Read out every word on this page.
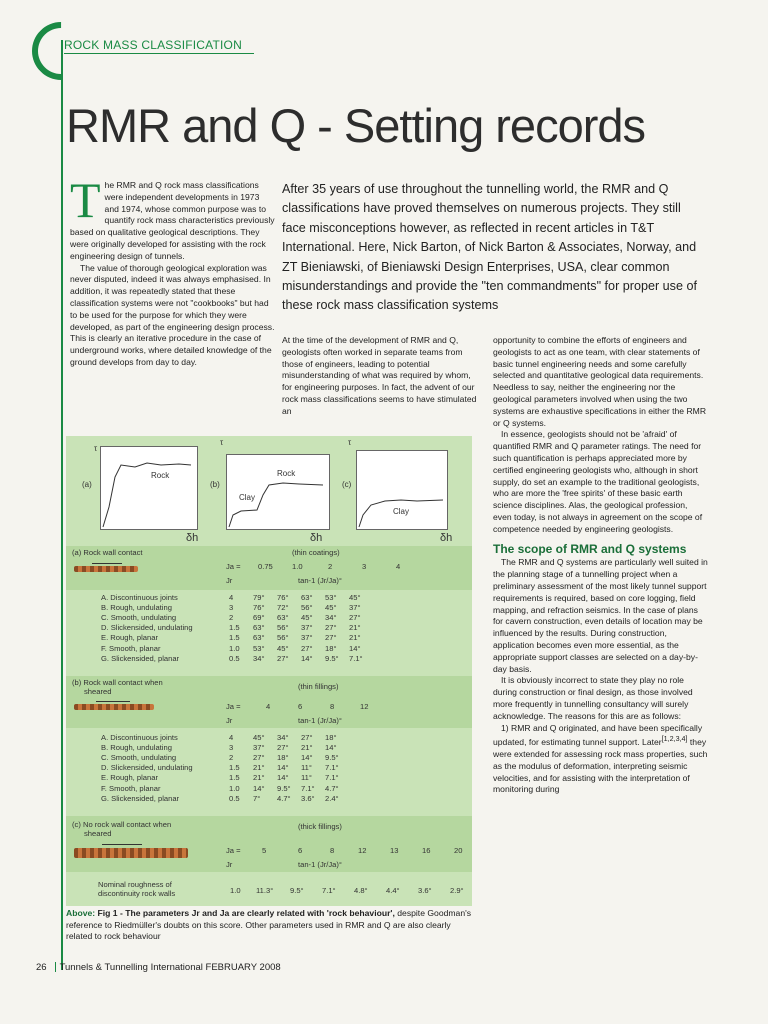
ROCK MASS CLASSIFICATION
RMR and Q - Setting records
T he RMR and Q rock mass classifications were independent developments in 1973 and 1974, whose common purpose was to quantify rock mass characteristics previously based on qualitative geological descriptions. They were originally developed for assisting with the rock engineering design of tunnels.

The value of thorough geological exploration was never disputed, indeed it was always emphasised. In addition, it was repeatedly stated that these classification systems were not "cookbooks" but had to be used for the purpose for which they were developed, as part of the engineering design process. This is clearly an iterative procedure in the case of underground works, where detailed knowledge of the ground develops from day to day.

After 35 years of use throughout the tunnelling world, the RMR and Q classifications have proved themselves on numerous projects. They still face misconceptions however, as reflected in recent articles in T&T International. Here, Nick Barton, of Nick Barton & Associates, Norway, and ZT Bieniawski, of Bieniawski Design Enterprises, USA, clear common misunderstandings and provide the "ten commandments" for proper use of these rock mass classification systems

At the time of the development of RMR and Q, geologists often worked in separate teams from those of engineers, leading to potential misunderstanding of what was required by whom, for engineering purposes. In fact, the advent of our rock mass classifications seems to have stimulated an

opportunity to combine the efforts of engineers and geologists to act as one team, with clear statements of basic tunnel engineering needs and some carefully selected and quantitative geological data requirements. Needless to say, neither the engineering nor the geological parameters involved when using the two systems are exhaustive specifications in either the RMR or Q systems.

In essence, geologists should not be 'afraid' of quantified RMR and Q parameter ratings. The need for such quantification is perhaps appreciated more by certified engineering geologists who, although in short supply, do set an example to the traditional geologists, who are more the 'free spirits' of these basic earth science disciplines. Alas, the geological profession, even today, is not always in agreement on the scope of competence needed by engineering geologists.

The scope of RMR and Q systems

The RMR and Q systems are particularly well suited in the planning stage of a tunnelling project when a preliminary assessment of the most likely tunnel support requirements is required, based on core logging, field mapping, and refraction seismics. In the case of plans for cavern construction, even details of location may be influenced by the results. During construction, application becomes even more essential, as the appropriate support classes are selected on a day-by-day basis.

It is obviously incorrect to state they play no role during construction or final design, as those involved more frequently in tunnelling consultancy will surely acknowledge. The reasons for this are as follows:

1) RMR and Q originated, and have been specifically updated, for estimating tunnel support. Later[1,2,3,4] they were extended for assessing rock mass properties, such as the modulus of deformation, interpreting seismic velocities, and for assisting with the interpretation of monitoring during

τ
(a)
Rock
δh
τ
(b)
Clay
Rock
δh
τ
(c)
Clay
δh
(a) Rock wall contact	(thin coatings)
Ja = 0.75	1.0	2	3	4
Jr	tan-1 (Jr/Ja)°
A. Discontinuous joints	4	79°	76°	63°	53°	45°
B. Rough, undulating	3	76°	72°	56°	45°	37°
C. Smooth, undulating	2	69°	63°	45°	34°	27°
D. Slickensided, undulating	1.5	63°	56°	37°	27°	21°
E. Rough, planar	1.5	63°	56°	37°	27°	21°
F. Smooth, planar	1.0	53°	45°	27°	18°	14°
G. Slickensided, planar	0.5	34°	27°	14°	9.5°	7.1°
(b) Rock wall contact when
sheared
(thin fillings)
Ja =	4	6	8	12
Jr	tan-1 (Jr/Ja)°
A. Discontinuous joints	4	45°	34°	27°	18°
B. Rough, undulating	3	37°	27°	21°	14°
C. Smooth, undulating	2	27°	18°	14°	9.5°
D. Slickensided, undulating	1.5	21°	14°	11°	7.1°
E. Rough, planar	1.5	21°	14°	11°	7.1°
F. Smooth, planar	1.0	14°	9.5°	7.1°	4.7°
G. Slickensided, planar	0.5	7°	4.7°	3.6°	2.4°
(c) No rock wall contact when
sheared
(thick fillings)
Ja =	5	6	8	12	13	16	20
Jr	tan-1 (Jr/Ja)°
Nominal roughness of
discontinuity rock walls	1.0 11.3° 9.5° 7.1° 4.8° 4.4° 3.6° 2.9°
Above: Fig 1 - The parameters Jr and Ja are clearly related with 'rock behaviour', despite Goodman's reference to Riedmüller's doubts on this score. Other parameters used in RMR and Q are also clearly related to rock behaviour
26 Tunnels & Tunnelling International FEBRUARY 2008
